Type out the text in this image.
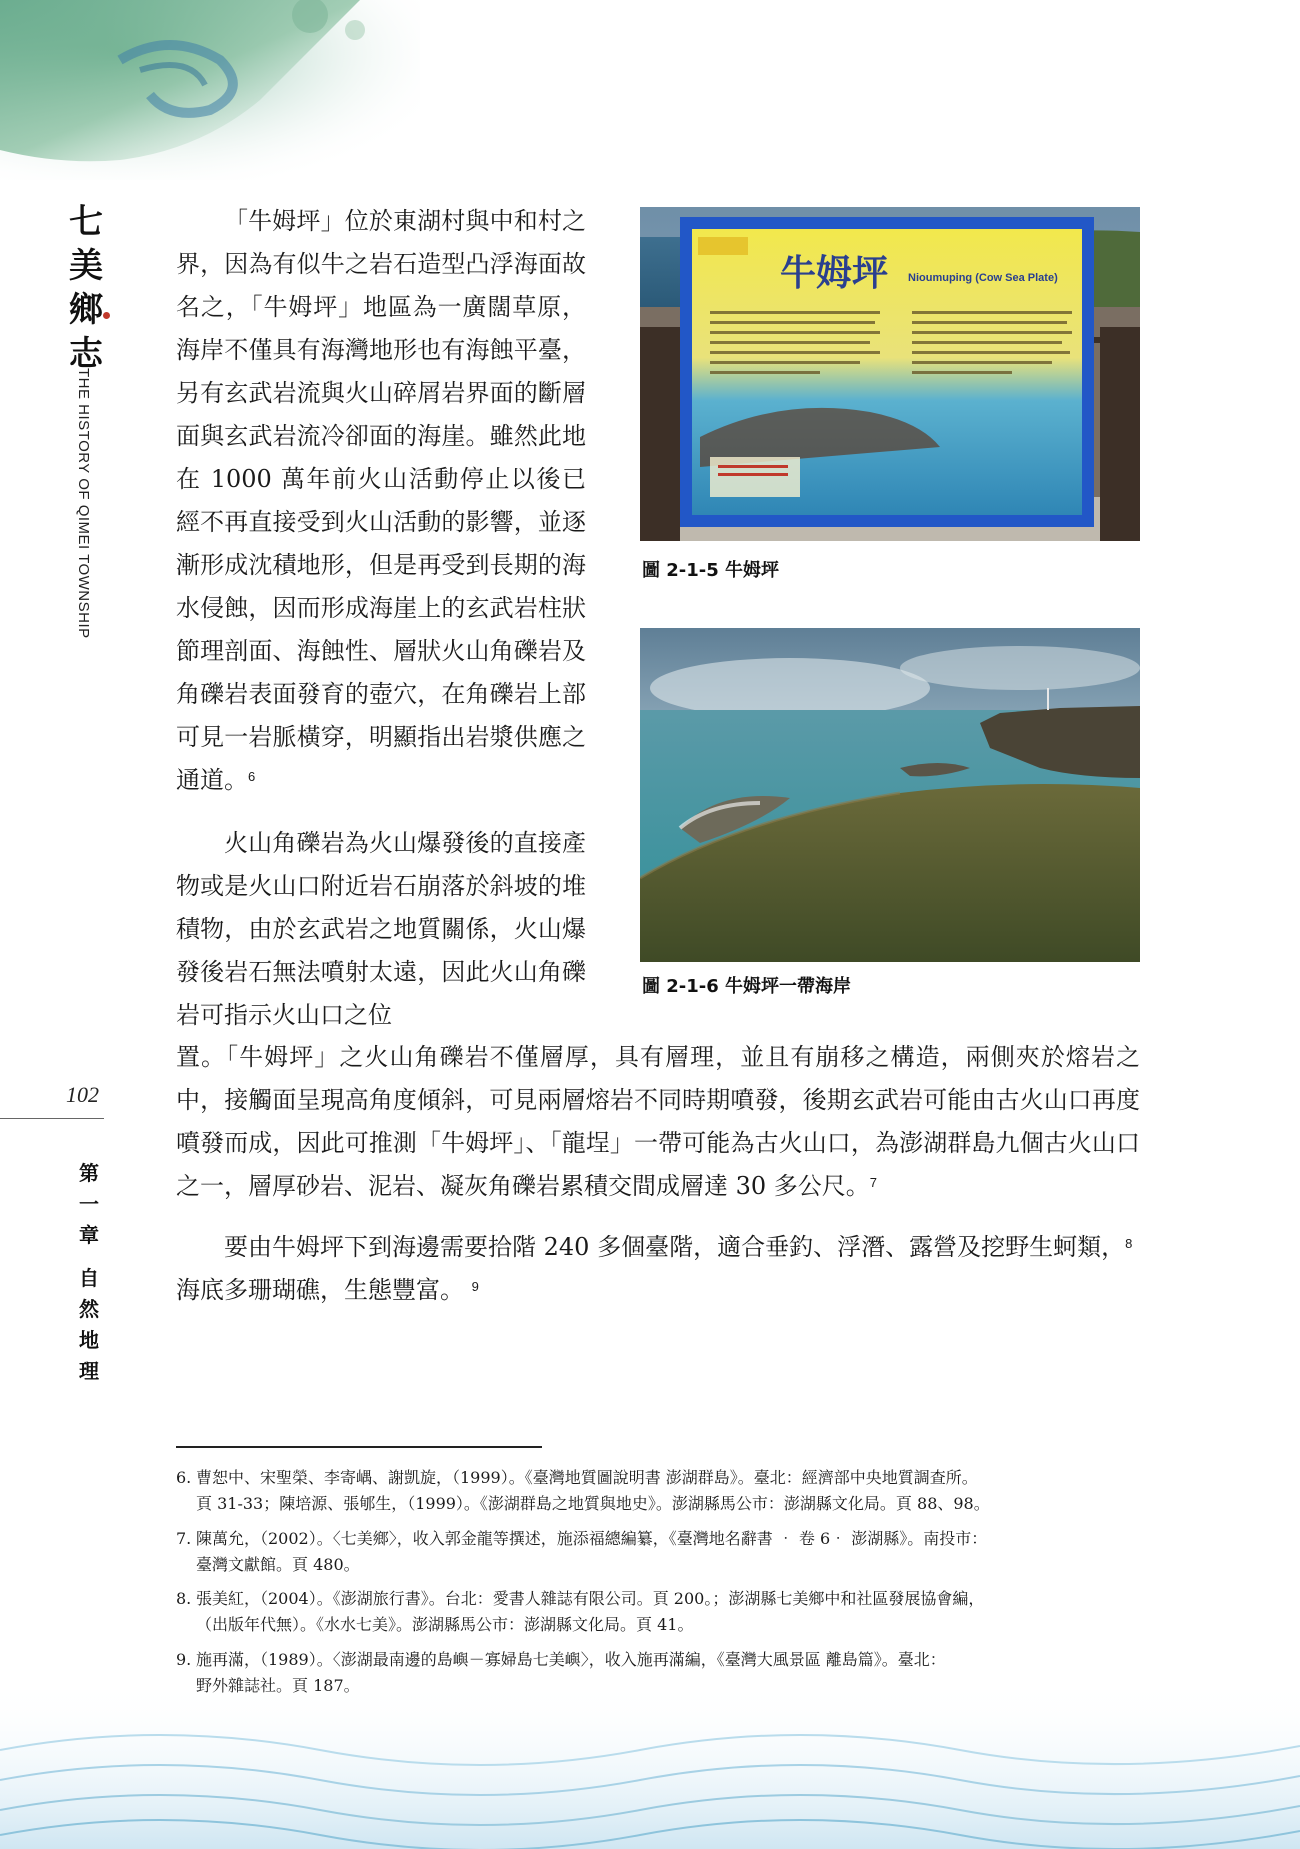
七
美
鄉
志
THE HISTORY OF QIMEI TOWNSHIP
102
第
一
章
自
然
地
理

「牛姆坪」位於東湖村與中和村之界，因為有似牛之岩石造型凸浮海面故名之，「牛姆坪」地區為一廣闊草原，海岸不僅具有海灣地形也有海蝕平臺，另有玄武岩流與火山碎屑岩界面的斷層面與玄武岩流冷卻面的海崖。雖然此地在 1000 萬年前火山活動停止以後已經不再直接受到火山活動的影響，並逐漸形成沈積地形，但是再受到長期的海水侵蝕，因而形成海崖上的玄武岩柱狀節理剖面、海蝕性、層狀火山角礫岩及角礫岩表面發育的壺穴，在角礫岩上部可見一岩脈橫穿，明顯指出岩漿供應之通道。$^6$

火山角礫岩為火山爆發後的直接產物或是火山口附近岩石崩落於斜坡的堆積物，由於玄武岩之地質關係，火山爆發後岩石無法噴射太遠，因此火山角礫岩可指示火山口之位

置。「牛姆坪」之火山角礫岩不僅層厚，具有層理，並且有崩移之構造，兩側夾於熔岩之中，接觸面呈現高角度傾斜，可見兩層熔岩不同時期噴發，後期玄武岩可能由古火山口再度噴發而成，因此可推測「牛姆坪」、「龍埕」一帶可能為古火山口，為澎湖群島九個古火山口之一，層厚砂岩、泥岩、凝灰角礫岩累積交間成層達 30 多公尺。$^7$

要由牛姆坪下到海邊需要拾階 240 多個臺階，適合垂釣、浮潛、露營及挖野生蚵類，$^8$
海底多珊瑚礁，生態豐富。 $^9$

牛姆坪 Nioumuping (Cow Sea Plate)
圖 2-1-5 牛姆坪
圖 2-1-6 牛姆坪一帶海岸
6. 曹恕中、宋聖榮、李寄嵎、謝凱旋，（1999）。《臺灣地質圖說明書 澎湖群島》。臺北：經濟部中央地質調查所。
頁 31-33；陳培源、張郇生，（1999）。《澎湖群島之地質與地史》。澎湖縣馬公市：澎湖縣文化局。頁 88、98。
7. 陳萬允，（2002）。〈七美鄉〉，收入郭金龍等撰述，施添福總編纂，《臺灣地名辭書 ‧ 卷 6‧ 澎湖縣》。南投市：
臺灣文獻館。頁 480。
8. 張美紅，（2004）。《澎湖旅行書》。台北：愛書人雜誌有限公司。頁 200。；澎湖縣七美鄉中和社區發展協會編，
（出版年代無）。《水水七美》。澎湖縣馬公市：澎湖縣文化局。頁 41。
9. 施再滿，（1989）。〈澎湖最南邊的島嶼－寡婦島七美嶼〉，收入施再滿編，《臺灣大風景區 離島篇》。臺北：
